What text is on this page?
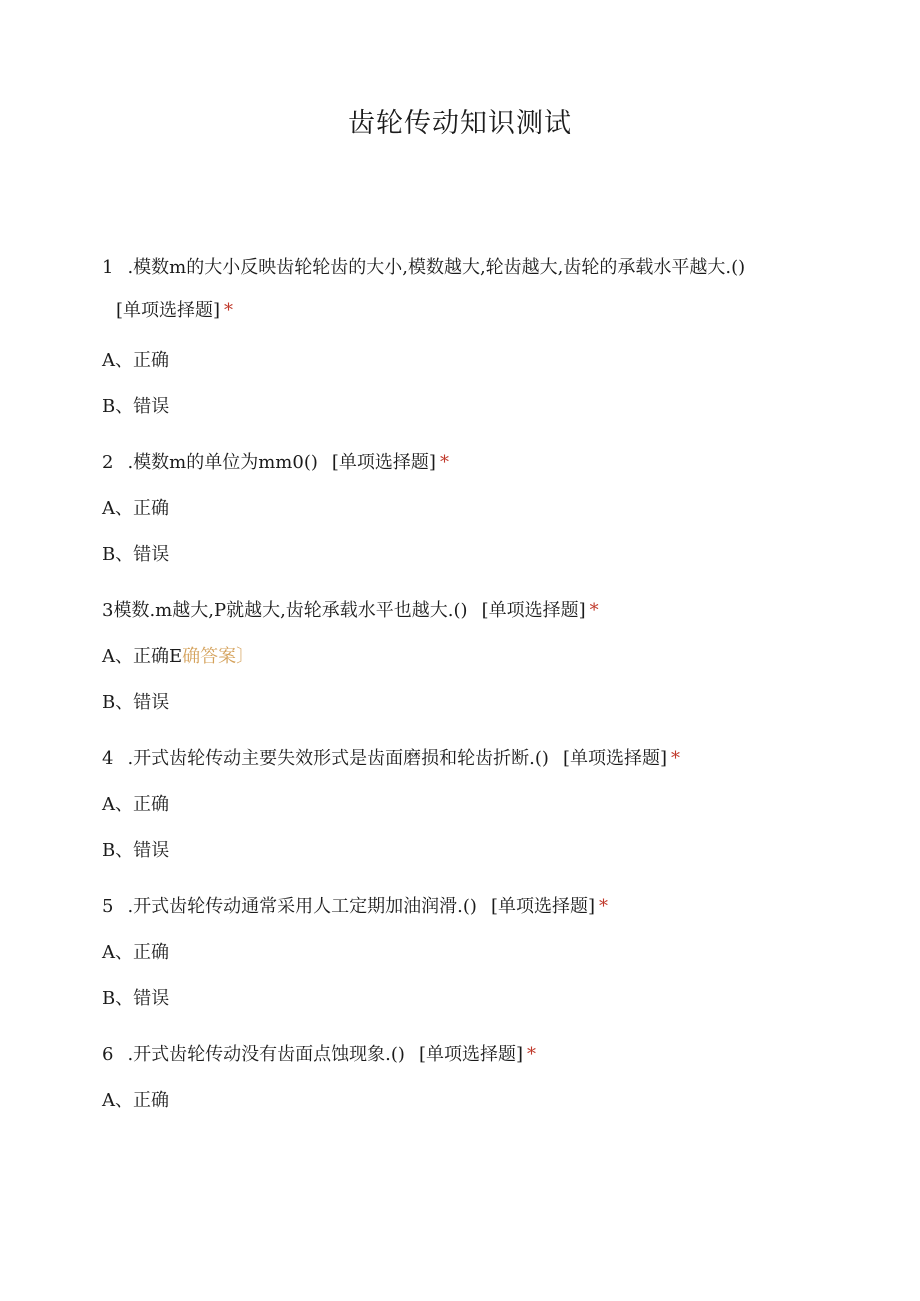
齿轮传动知识测试

1 .模数m的大小反映齿轮轮齿的大小,模数越大,轮齿越大,齿轮的承载水平越大.()[单项选择题] *

A、正确
B、错误

2 .模数m的单位为mm0() [单项选择题] *

A、正确
B、错误

3模数.m越大,P就越大,齿轮承载水平也越大.() [单项选择题] *

A、正确E确答案〕
B、错误

4 .开式齿轮传动主要失效形式是齿面磨损和轮齿折断.() [单项选择题] *

A、正确
B、错误

5 .开式齿轮传动通常采用人工定期加油润滑.() [单项选择题] *

A、正确
B、错误

6 .开式齿轮传动没有齿面点蚀现象.() [单项选择题] *

A、正确
